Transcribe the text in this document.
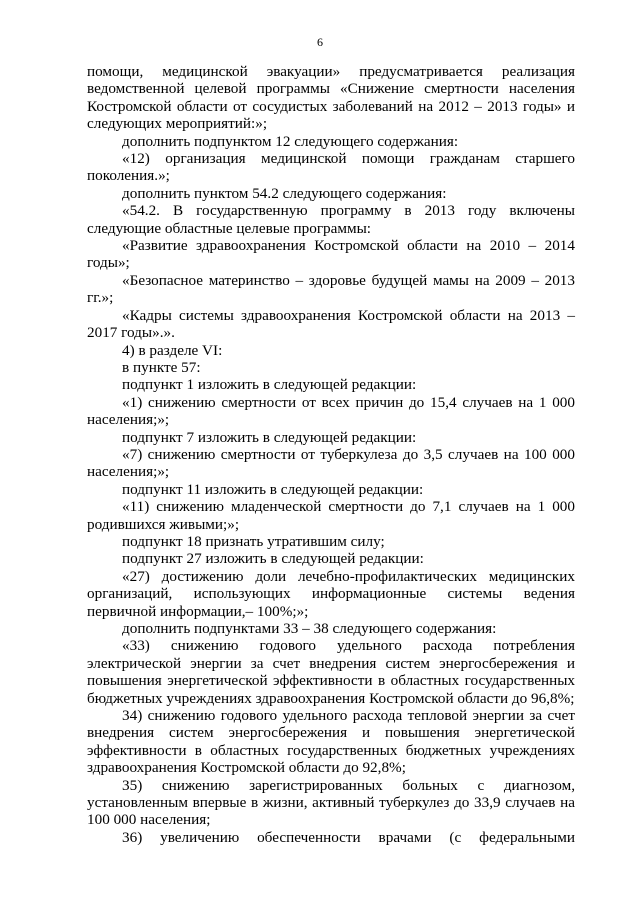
6

помощи, медицинской эвакуации» предусматривается реализация ведомственной целевой программы «Снижение смертности населения Костромской области от сосудистых заболеваний на 2012 – 2013 годы» и следующих мероприятий:»;

дополнить подпунктом 12 следующего содержания:

«12) организация медицинской помощи гражданам старшего поколения.»;

дополнить пунктом 54.2 следующего содержания:

«54.2. В государственную программу в 2013 году включены следующие областные целевые программы:

«Развитие здравоохранения Костромской области на 2010 – 2014 годы»;

«Безопасное материнство – здоровье будущей мамы на 2009 – 2013 гг.»;

«Кадры системы здравоохранения Костромской области на 2013 – 2017 годы».».

4) в разделе VI:

в пункте 57:

подпункт 1 изложить в следующей редакции:

«1) снижению смертности от всех причин до 15,4 случаев на 1 000 населения;»;

подпункт 7 изложить в следующей редакции:

«7) снижению смертности от туберкулеза до 3,5 случаев на 100 000 населения;»;

подпункт 11 изложить в следующей редакции:

«11) снижению младенческой смертности до 7,1 случаев на 1 000 родившихся живыми;»;

подпункт 18 признать утратившим силу;

подпункт 27 изложить в следующей редакции:

«27) достижению доли лечебно-профилактических медицинских организаций, использующих информационные системы ведения первичной информации,– 100%;»;

дополнить подпунктами 33 – 38 следующего содержания:

«33) снижению годового удельного расхода потребления электрической энергии за счет внедрения систем энергосбережения и повышения энергетической эффективности в областных государственных бюджетных учреждениях здравоохранения Костромской области до 96,8%;

34) снижению годового удельного расхода тепловой энергии за счет внедрения систем энергосбережения и повышения энергетической эффективности в областных государственных бюджетных учреждениях здравоохранения Костромской области до 92,8%;

35) снижению зарегистрированных больных с диагнозом, установленным впервые в жизни, активный туберкулез до 33,9 случаев на 100 000 населения;

36) увеличению обеспеченности врачами (с федеральными
